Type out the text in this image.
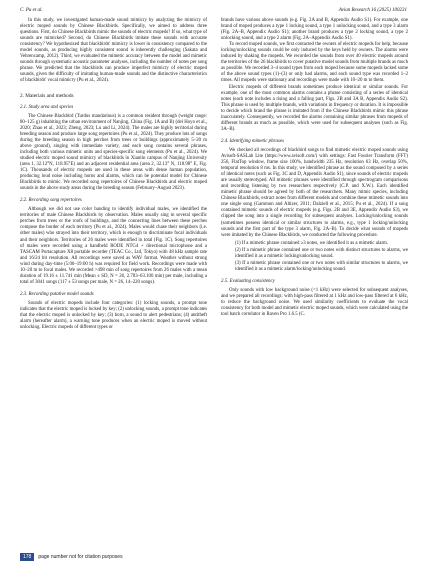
C. Pu et al.	Avian Research 16 (2025) 100231

In this study, we investigated human-made sound mimicry by analyzing the mimicry of electric moped sounds by Chinese Blackbirds. Specifically, we aimed to address three questions. First, do Chinese Blackbirds mimic the sounds of electric mopeds? If so, what type of sounds are mimicked? Second, do Chinese Blackbirds imitate these sounds with accurate consistency? We hypothesized that blackbirds' mimicry is lower in consistency compared to the model sounds, as producing highly consistent sound is inherently challenging (Sakata and Vehrencamp, 2012). Third, we evaluated the mimetic accuracy between the model and mimetic sounds through systematic acoustic parameter analyses, including the number of notes per song phrase. We predicted that the blackbirds can produce imperfect mimicry of electric moped sounds, given the difficulty of imitating human-made sounds and the distinctive characteristics of blackbirds' vocal mimicry (Pu et al., 2024).

2. Materials and methods
2.1. Study area and species

The Chinese Blackbird (Turdus mandarinus) is a common resident through (weight range: 80–125 g) inhabiting the urban environment of Nanjing, China (Fig. 1A and B) (del Hoyo et al., 2020; Zhao et al., 2023; Zheng, 2023; Lu and Li, 2024). The males are highly territorial during breeding season and produce large song repertoires (Pu et al., 2024). They produce lots of songs during the breeding season in high perches from trees or buildings (approximately 5–20 m above ground), singing with immediate variety, and each song contains several phrases, including both various mimetic units and species-specific song elements (Pu et al., 2024). We studied electric moped sound mimicry of blackbirds in Xianlin campus of Nanjing University (area 1, 32.12°N, 118.95°E) and an adjacent residential area (area 2, 32.13° N, 118.98° E, Fig. 1C). Thousands of electric mopeds are used in these areas with dense human population, producing loud noise including horns and alarms, which can be potential model for Chinese Blackbirds to mimic. We recorded song repertoires of Chinese Blackbirds and electric moped sounds in the above study areas during the breeding season (February–August 2023).

2.2. Recording song repertoires

Although we did not use color banding to identify individual males, we identified the territories of male Chinese Blackbirds by observation. Males usually sing in several specific perches from trees or the roofs of buildings, and the connecting lines between these perches compose the border of each territory (Pu et al., 2024). Males would chase their neighbors (i.e. other males) who strayed into their territory, which is enough to discriminate focal individuals and their neighbors. Territories of 26 males were identified in total (Fig. 1C). Song repertoires of males were recorded using a handheld RODE NTG4 + directional microphone and a TASCAM Portacapture X8 portable recorder (TEAC Co., Ltd, Tokyo) with 48 kHz sample rate and 16/24 bit resolution. All recordings were saved as WAV format. Weather without strong wind during day-time (5:00–19:00 h) was required for field work. Recordings were made with 10–20 m to focal males. We recorded >498 min of song repertoires from 26 males with a mean duration of 19.16 ± 11.741 min (Mean ± SD, N = 26, 2.783–63.100 min) per male, including a total of 3041 songs (117 ± 53 songs per male, N = 26, 14–220 songs).

2.3. Recording putative model sounds

Sounds of electric mopeds include four categories: (1) locking sounds, a prompt tone indicates that the electric moped is locked by key; (2) unlocking sounds, a prompt tone indicates that the electric moped is unlocked by key; (3) horn, a sound to alert pedestrians; (4) antitheft alarm (hereafter alarm), a warning tone produces when an electric moped is moved without unlocking. Electric mopeds of different types or

brands have various above sounds (e.g. Fig. 2A and B, Appendix Audio S1). For example, one brand of moped produces a type 1 locking sound, a type 1 unlocking sound, and a type 3 alarm (Fig. 2A–B, Appendix Audio S1); another brand produces a type 2 locking sound, a type 2 unlocking sound, and a type 2 alarm (Fig. 2A–Appendix Audio S1).

To record moped sounds, we first contacted the owners of electric mopeds for help, because locking/unlocking sounds could be only induced by the keys held by owners. The alarms were induced by shaking the mopeds. We recorded the sounds from over 40 electric mopeds around the territories of the 26 blackbirds to cover putative model sounds from multiple brands as much as possible. We recorded 3–4 sound types from each moped because some mopeds lacked some of the above sound types (1)–(3) or only had alarms, and each sound type was recorded 1–2 times. All mopeds were stationary and recordings were made with 10–20 m to them.

Electric mopeds of different brands sometimes produce identical or similar sounds. For example, one of the most common alarms contains a phrase consisting of a series of identical notes (each note includes a rising and a falling part, Figs. 2B and 3A B, Appendix Audio S2). This phrase is used by multiple brands, with variations in frequency or duration. It is impossible to decide which brand the phrase is imitated from if the Chinese Blackbirds mimic this phrase inaccurately. Consequently, we recorded the alarms containing similar phrases from mopeds of different brands as much as possible, which were used for subsequent analyses (such as Fig. 3A–B).

2.4. Identifying mimetic phrases

We checked all recordings of blackbird songs to find mimetic electric moped sounds using Avisoft-SASLab Lite (https://www.avisoft.com/) with settings: Fast Fourier Transform (FFT) 256, FlatTop window, frame size 100%, bandwidth 235 Hz, resolution 63 Hz, overlap 50%, temporal resolution 8 ms. In this study, we identified phrase as the sound composed by a series of identical notes (such as Fig. 3C and D, Appendix Audio S1), since sounds of electric mopeds are usually stereotyped. All mimetic phrases were identified through spectrogram comparisons and recording listening by two researchers respectively (C.P. and X.W.). Each identified mimetic phrase should be agreed by both of the researchers. Many mimic species, including Chinese Blackbirds, extract notes from different models and combine these mimetic sounds into one single song (Gammon and Altizer, 2011; Dalziell et al., 2015; Pu et al., 2024). If a song contained mimetic sounds of electric mopeds (e.g. Figs. 2B and 3E, Appendix Audio S3), we clipped the song into a single recording for subsequent analyses. Locking/unlocking sounds (sometimes possess identical or similar structures to alarms, e.g., type 1 locking/unlocking sounds and the first part of the type 3 alarm, Fig. 2A–B). To decide what sounds of mopeds were imitated by the Chinese Blackbirds, we conducted the following procedure.

(1) If a mimetic phrase contained ≥3 notes, we identified it as a mimetic alarm.
(2) If a mimetic phrase contained one or two notes with distinct structures to alarms, we identified it as a mimetic locking/unlocking sound.
(3) If a mimetic phrase contained one or two notes with similar structures to alarms, we identified it as a mimetic alarm/locking/unlocking sound.
2.5. Evaluating consistency

Only sounds with low background noise (<1 kHz) were selected for subsequent analyses, and we prepared all recordings: with high-pass filtered at 1 kHz and low-pass filtered at 6 kHz, to reduce the background noise. We used similarity coefficients to evaluate the vocal consistency for both model and mimetic electric moped sounds, which were calculated using the tool batch correlator in Raven Pro 1.6.5 (C.

178	page number not for citation purposes
